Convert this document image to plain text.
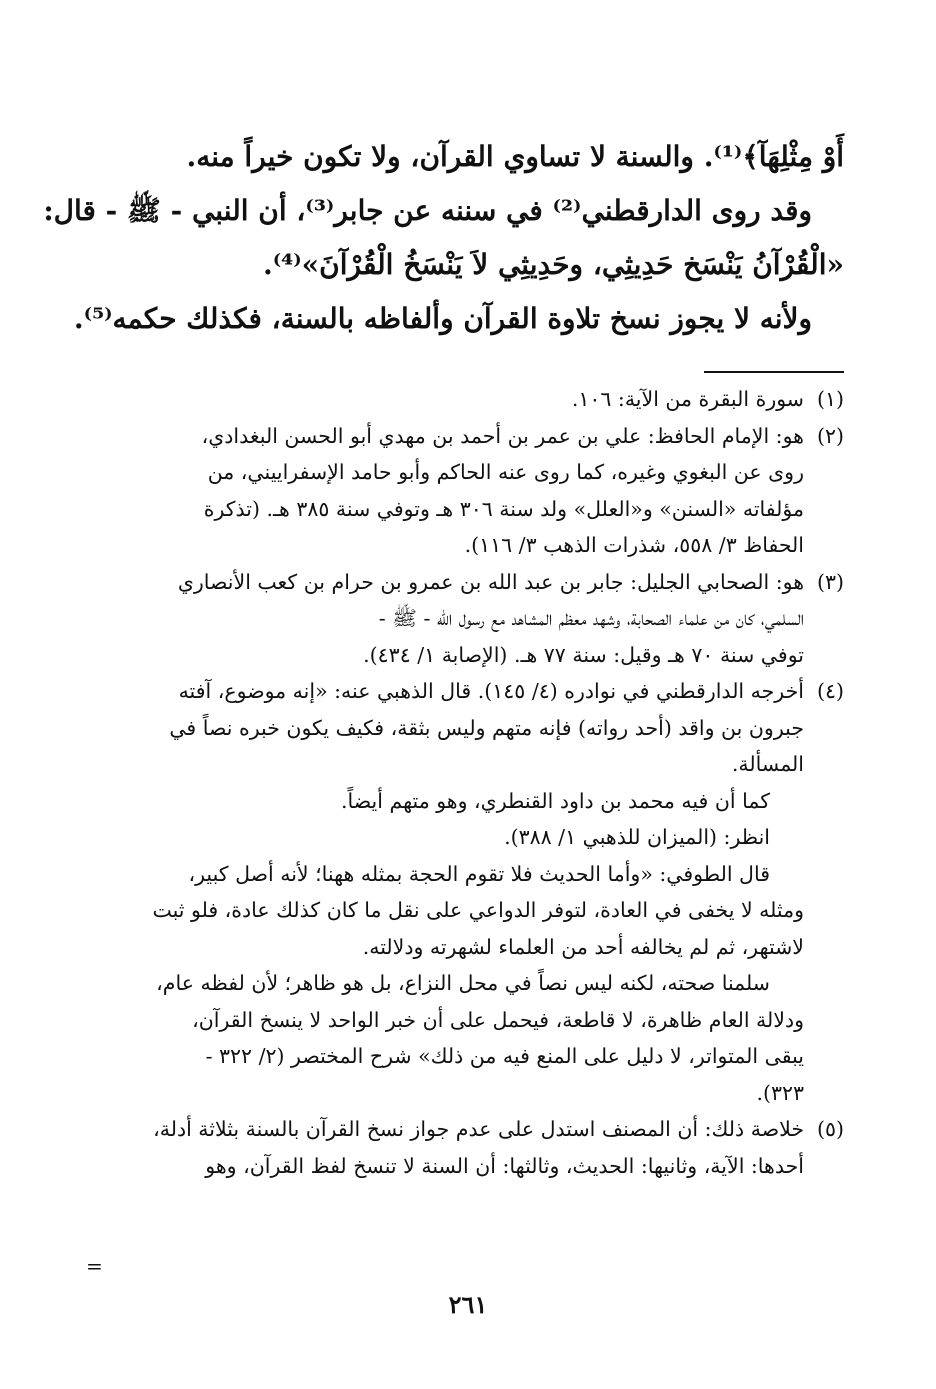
أَوْ مِثْلِهَآ﴾⁽¹⁾. والسنة لا تساوي القرآن، ولا تكون خيراً منه.

وقد روى الدارقطني⁽²⁾ في سننه عن جابر⁽³⁾، أن النبي - ﷺ - قال:

«الْقُرْآنُ يَنْسَخ حَدِيثِي، وحَدِيثِي لاَ يَنْسَخُ الْقُرْآنَ»⁽⁴⁾.

ولأنه لا يجوز نسخ تلاوة القرآن وألفاظه بالسنة، فكذلك حكمه⁽⁵⁾.

(١)
سورة البقرة من الآية: ١٠٦.
(٢)
هو: الإمام الحافظ: علي بن عمر بن أحمد بن مهدي أبو الحسن البغدادي،
روى عن البغوي وغيره، كما روى عنه الحاكم وأبو حامد الإسفراييني، من
مؤلفاته «السنن» و«العلل» ولد سنة ٣٠٦ هـ وتوفي سنة ٣٨٥ هـ. (تذكرة
الحفاظ ٣/ ٥٥٨، شذرات الذهب ٣/ ١١٦).
(٣)
هو: الصحابي الجليل: جابر بن عبد الله بن عمرو بن حرام بن كعب الأنصاري
السلمي، كان من علماء الصحابة، وشهد معظم المشاهد مع رسول الله - ﷺ -
توفي سنة ٧٠ هـ وقيل: سنة ٧٧ هـ. (الإصابة ١/ ٤٣٤).
(٤)
أخرجه الدارقطني في نوادره (٤/ ١٤٥). قال الذهبي عنه: «إنه موضوع، آفته
جبرون بن واقد (أحد رواته) فإنه متهم وليس بثقة، فكيف يكون خبره نصاً في
المسألة.
كما أن فيه محمد بن داود القنطري، وهو متهم أيضاً.
انظر: (الميزان للذهبي ١/ ٣٨٨).
قال الطوفي: «وأما الحديث فلا تقوم الحجة بمثله ههنا؛ لأنه أصل كبير،
ومثله لا يخفى في العادة، لتوفر الدواعي على نقل ما كان كذلك عادة، فلو ثبت
لاشتهر، ثم لم يخالفه أحد من العلماء لشهرته ودلالته.
سلمنا صحته، لكنه ليس نصاً في محل النزاع، بل هو ظاهر؛ لأن لفظه عام،
ودلالة العام ظاهرة، لا قاطعة، فيحمل على أن خبر الواحد لا ينسخ القرآن،
يبقى المتواتر، لا دليل على المنع فيه من ذلك» شرح المختصر (٢/ ٣٢٢ -
٣٢٣).
(٥)
خلاصة ذلك: أن المصنف استدل على عدم جواز نسخ القرآن بالسنة بثلاثة أدلة،
أحدها: الآية، وثانيها: الحديث، وثالثها: أن السنة لا تنسخ لفظ القرآن، وهو
=
٢٦١
